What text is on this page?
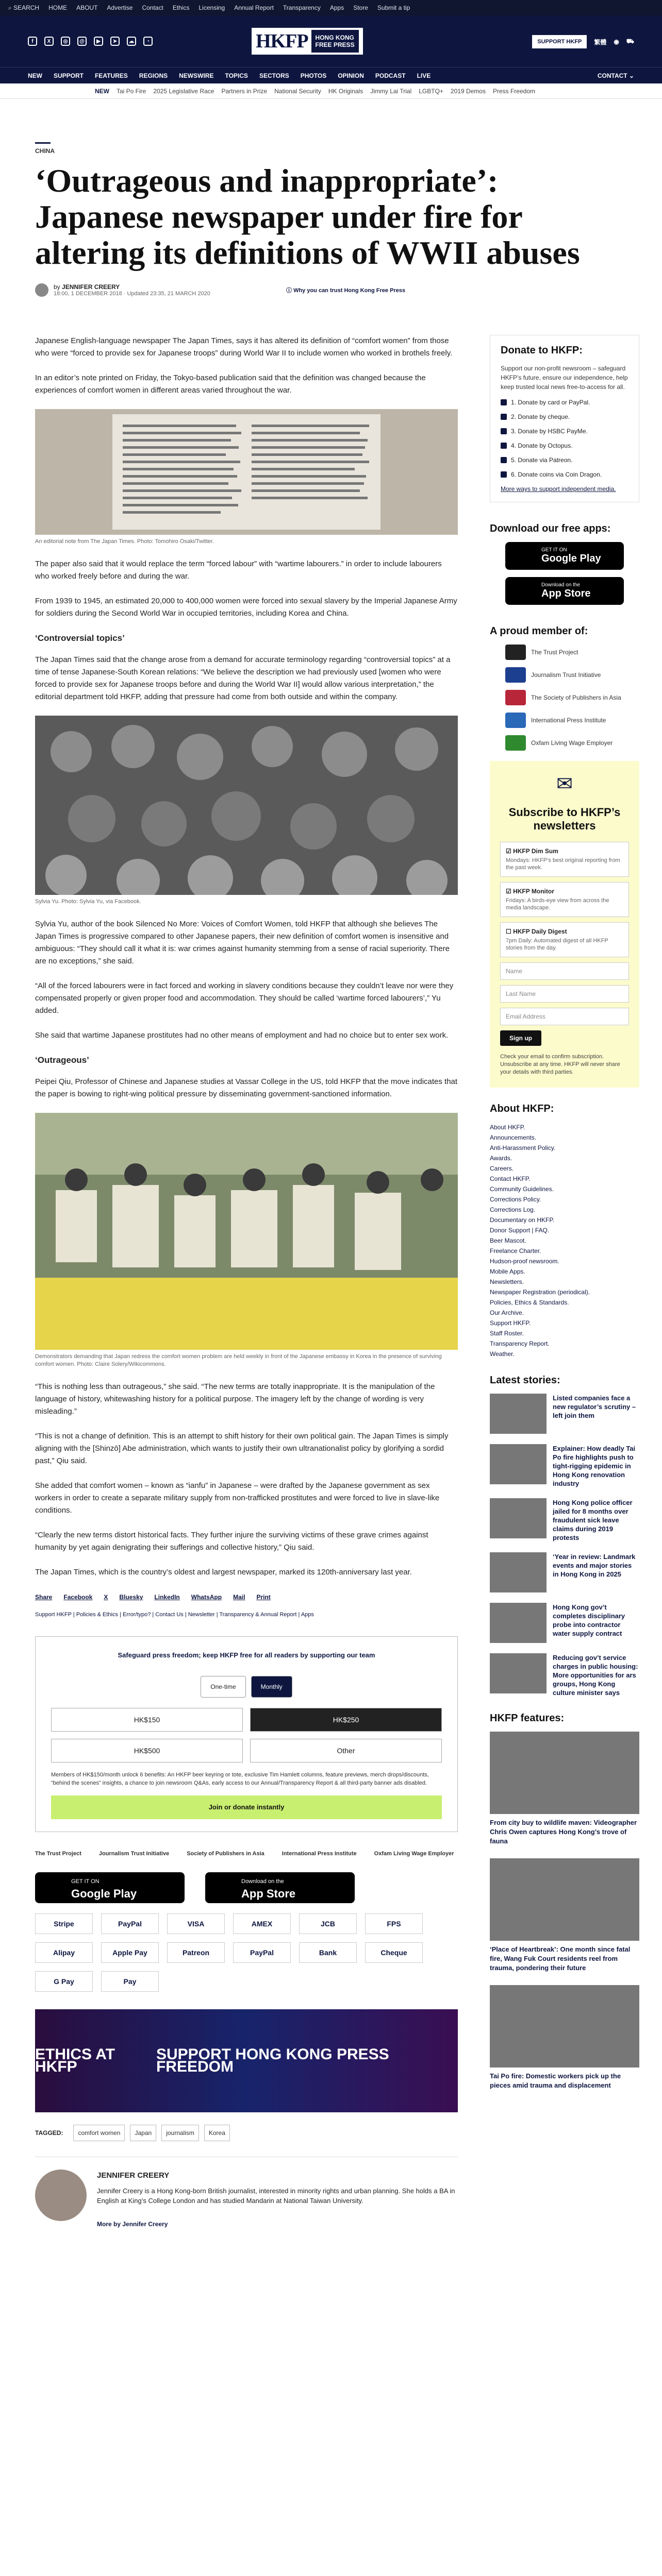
⌕ SEARCH HOME ABOUT Advertise Contact Ethics Licensing Annual Report Transparency Apps Store Submit a tip
f	X	◎	@	▶	➤	☁	◔	HKFP HONG KONG
FREE PRESS	SUPPORT HKFP	繁體 ◉ ⛟
NEW SUPPORT FEATURES REGIONS NEWSWIRE TOPICS SECTORS PHOTOS OPINION PODCAST LIVE	CONTACT ⌄
NEW Tai Po Fire 2025 Legislative Race Partners in Prize National Security HK Originals Jimmy Lai Trial LGBTQ+ 2019 Demos Press Freedom
CHINA
‘Outrageous and inappropriate’: Japanese newspaper under fire for altering its definitions of WWII abuses
by JENNIFER CREERY
18:00, 1 DECEMBER 2018 · Updated 23:35, 21 MARCH 2020	ⓘ Why you can trust Hong Kong Free Press

Japanese English-language newspaper The Japan Times, says it has altered its definition of “comfort women” from those who were “forced to provide sex for Japanese troops” during World War II to include women who worked in brothels freely.

In an editor’s note printed on Friday, the Tokyo-based publication said that the definition was changed because the experiences of comfort women in different areas varied throughout the war.

An editorial note from The Japan Times. Photo: Tomohiro Osaki/Twitter.

The paper also said that it would replace the term “forced labour” with “wartime labourers.” in order to include labourers who worked freely before and during the war.

From 1939 to 1945, an estimated 20,000 to 400,000 women were forced into sexual slavery by the Imperial Japanese Army for soldiers during the Second World War in occupied territories, including Korea and China.

‘Controversial topics’

The Japan Times said that the change arose from a demand for accurate terminology regarding “controversial topics” at a time of tense Japanese-South Korean relations: “We believe the description we had previously used [women who were forced to provide sex for Japanese troops before and during the World War II] would allow various interpretation,” the editorial department told HKFP, adding that pressure had come from both outside and within the company.

Sylvia Yu. Photo: Sylvia Yu, via Facebook.

Sylvia Yu, author of the book Silenced No More: Voices of Comfort Women, told HKFP that although she believes The Japan Times is progressive compared to other Japanese papers, their new definition of comfort women is insensitive and ambiguous: “They should call it what it is: war crimes against humanity stemming from a sense of racial superiority. There are no exceptions,” she said.

“All of the forced labourers were in fact forced and working in slavery conditions because they couldn’t leave nor were they compensated properly or given proper food and accommodation. They should be called ‘wartime forced labourers’,” Yu added.

She said that wartime Japanese prostitutes had no other means of employment and had no choice but to enter sex work.

‘Outrageous’

Peipei Qiu, Professor of Chinese and Japanese studies at Vassar College in the US, told HKFP that the move indicates that the paper is bowing to right-wing political pressure by disseminating government-sanctioned information.

Demonstrators demanding that Japan redress the comfort women problem are held weekly in front of the Japanese embassy in Korea in the presence of surviving comfort women. Photo: Claire Solery/Wikicommons.

“This is nothing less than outrageous,” she said. “The new terms are totally inappropriate. It is the manipulation of the language of history, whitewashing history for a political purpose. The imagery left by the change of wording is very misleading.”

“This is not a change of definition. This is an attempt to shift history for their own political gain. The Japan Times is simply aligning with the [Shinzō] Abe administration, which wants to justify their own ultranationalist policy by glorifying a sordid past,” Qiu said.

She added that comfort women – known as “ianfu” in Japanese – were drafted by the Japanese government as sex workers in order to create a separate military supply from non-trafficked prostitutes and were forced to live in slave-like conditions.

“Clearly the new terms distort historical facts. They further injure the surviving victims of these grave crimes against humanity by yet again denigrating their sufferings and collective history,” Qiu said.

The Japan Times, which is the country’s oldest and largest newspaper, marked its 120th-anniversary last year.

Share Facebook X Bluesky LinkedIn WhatsApp Mail Print
Support HKFP | Policies & Ethics | Error/typo? | Contact Us | Newsletter | Transparency & Annual Report | Apps
Safeguard press freedom; keep HKFP free for all readers by supporting our team
One-time	Monthly
HK$150	HK$250
HK$500	Other
Members of HK$150/month unlock 6 benefits: An HKFP beer keyring or tote, exclusive Tim Hamlett columns, feature previews, merch drops/discounts, “behind the scenes” insights, a chance to join newsroom Q&As, early access to our Annual/Transparency Report & all third-party banner ads disabled.
Join or donate instantly
The Trust Project	Journalism Trust Initiative	Society of Publishers in Asia	International Press Institute	Oxfam Living Wage Employer
GET IT ON
Google Play
Download on the
App Store
Stripe	PayPal	VISA	AMEX	JCB	FPS
Alipay	Apple Pay	Patreon	PayPal	Bank	Cheque
G Pay	Pay
ETHICS AT HKFP
SUPPORT HONG KONG PRESS FREEDOM
TAGGED:	comfort women	Japan	journalism	Korea
JENNIFER CREERY

Jennifer Creery is a Hong Kong-born British journalist, interested in minority rights and urban planning. She holds a BA in English at King’s College London and has studied Mandarin at National Taiwan University.

More by Jennifer Creery
Donate to HKFP:

Support our non-profit newsroom – safeguard HKFP’s future, ensure our independence, help keep trusted local news free-to-access for all.

1. Donate by card or PayPal.
2. Donate by cheque.
3. Donate by HSBC PayMe.
4. Donate by Octopus.
5. Donate via Patreon.
6. Donate coins via Coin Dragon.
More ways to support independent media.
Download our free apps:
GET IT ON
Google Play
Download on the
App Store
A proud member of:
The Trust Project
Journalism Trust Initiative
The Society of Publishers in Asia
International Press Institute
Oxfam Living Wage Employer
✉
Subscribe to HKFP’s newsletters
☑ HKFP Dim Sum
Mondays: HKFP’s best original reporting from the past week.
☑ HKFP Monitor
Fridays: A birds-eye view from across the media landscape.
☐ HKFP Daily Digest
7pm Daily: Automated digest of all HKFP stories from the day.
Name
Last Name
Email Address
Sign up
Check your email to confirm subscription. Unsubscribe at any time. HKFP will never share your details with third parties.
About HKFP:
About HKFP.
Announcements.
Anti-Harassment Policy.
Awards.
Careers.
Contact HKFP.
Community Guidelines.
Corrections Policy.
Corrections Log.
Documentary on HKFP.
Donor Support | FAQ.
Beer Mascot.
Freelance Charter.
Hudson-proof newsroom.
Mobile Apps.
Newsletters.
Newspaper Registration (periodical).
Policies, Ethics & Standards.
Our Archive.
Support HKFP.
Staff Roster.
Transparency Report.
Weather.
Latest stories:
Listed companies face a new regulator’s scrutiny – left join them
Explainer: How deadly Tai Po fire highlights push to tight-rigging epidemic in Hong Kong renovation industry
Hong Kong police officer jailed for 8 months over fraudulent sick leave claims during 2019 protests
‘Year in review: Landmark events and major stories in Hong Kong in 2025
Hong Kong gov’t completes disciplinary probe into contractor water supply contract
Reducing gov’t service charges in public housing: More opportunities for ars groups, Hong Kong culture minister says
HKFP features:
From city buy to wildlife maven: Videographer Chris Owen captures Hong Kong’s trove of fauna
‘Place of Heartbreak’: One month since fatal fire, Wang Fuk Court residents reel from trauma, pondering their future
Tai Po fire: Domestic workers pick up the pieces amid trauma and displacement
